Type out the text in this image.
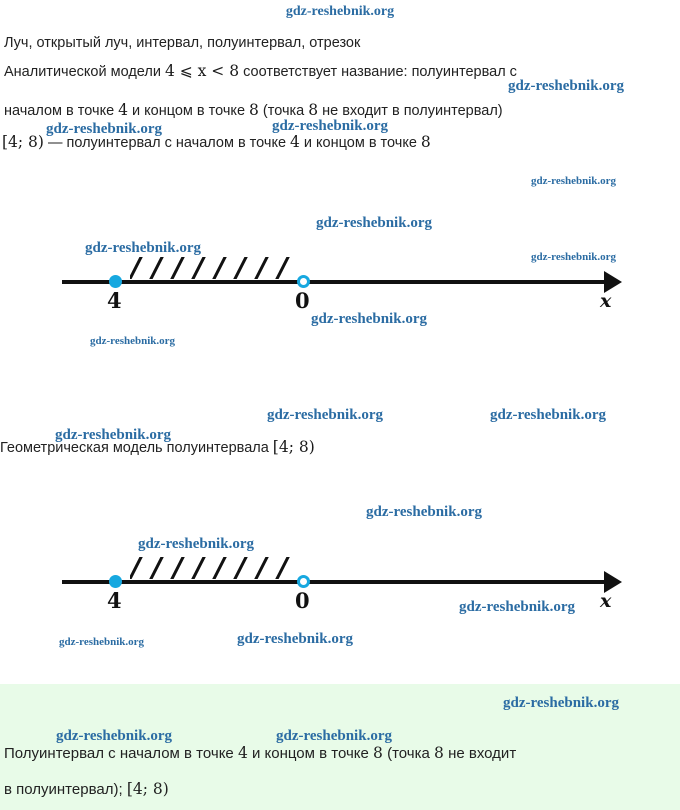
gdz-reshebnik.org
Луч, открытый луч, интервал, полуинтервал, отрезок
Аналитической модели 4 ⩽ x < 8 соответствует название: полуинтервал с
началом в точке 4 и концом в точке 8 (точка 8 не входит в полуинтервал)
[4; 8) — полуинтервал с началом в точке 4 и концом в точке 8
x
4	0
Геометрическая модель полуинтервала [4; 8)
x
4	0
Полуинтервал с началом в точке 4 и концом в точке 8 (точка 8 не входит
в полуинтервал); [4; 8)
gdz-reshebnik.org
gdz-reshebnik.org	gdz-reshebnik.org
gdz-reshebnik.org
gdz-reshebnik.org
gdz-reshebnik.org
gdz-reshebnik.org
gdz-reshebnik.org
gdz-reshebnik.org
gdz-reshebnik.org	gdz-reshebnik.org
gdz-reshebnik.org
gdz-reshebnik.org
gdz-reshebnik.org
gdz-reshebnik.org
gdz-reshebnik.org	gdz-reshebnik.org
gdz-reshebnik.org
gdz-reshebnik.org	gdz-reshebnik.org
